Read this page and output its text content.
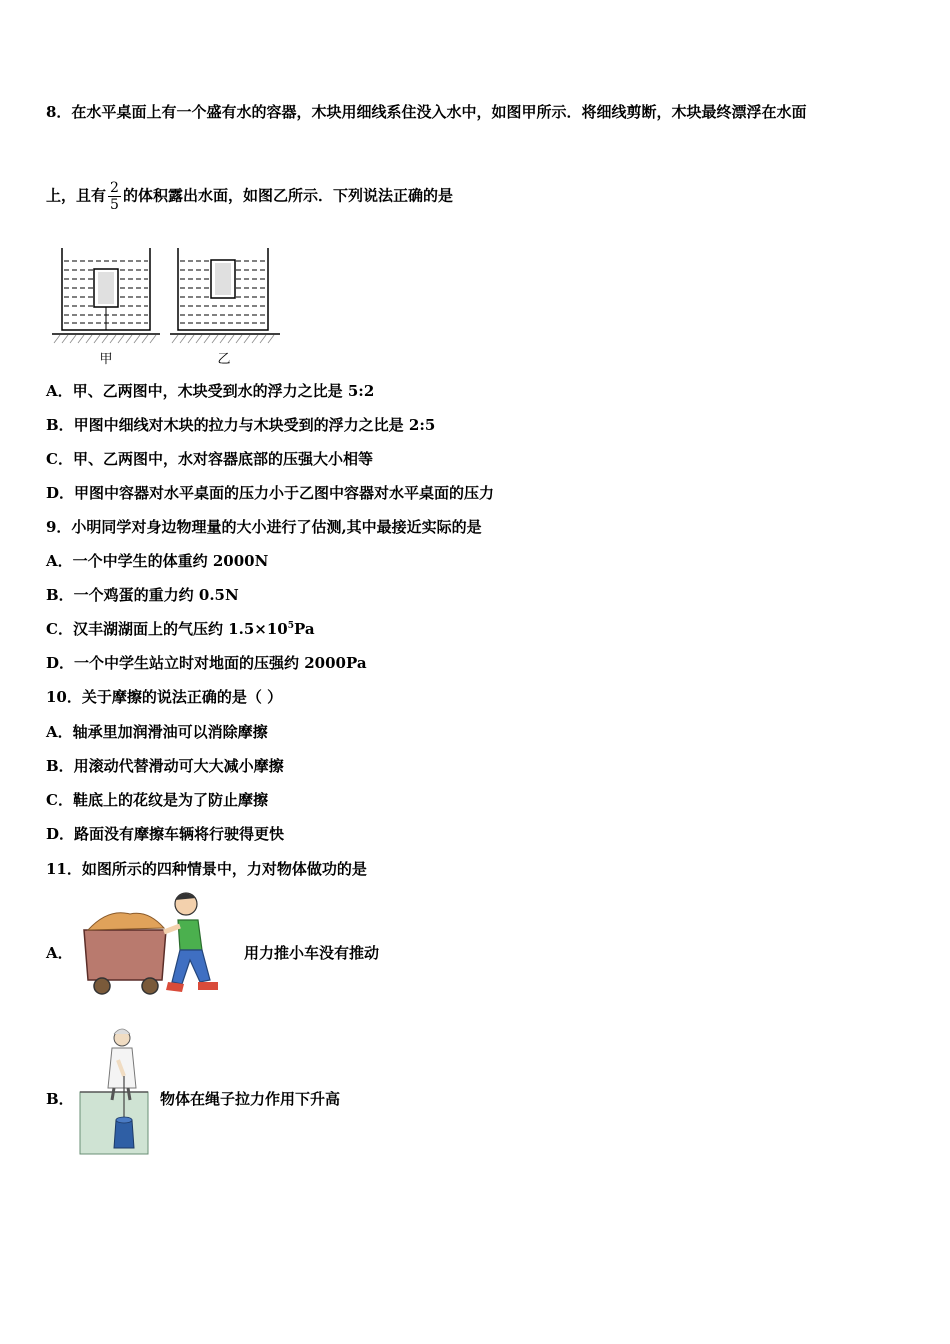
8．在水平桌面上有一个盛有水的容器，木块用细线系住没入水中，如图甲所示．将细线剪断，木块最终漂浮在水面
上，且有 $\frac{2}{5}$ 的体积露出水面，如图乙所示．下列说法正确的是
甲	乙
A．甲、乙两图中，木块受到水的浮力之比是 5:2
B．甲图中细线对木块的拉力与木块受到的浮力之比是 2:5
C．甲、乙两图中，水对容器底部的压强大小相等
D．甲图中容器对水平桌面的压力小于乙图中容器对水平桌面的压力
9．小明同学对身边物理量的大小进行了估测,其中最接近实际的是
A．一个中学生的体重约 2000N
B．一个鸡蛋的重力约 0.5N
C．汉丰湖湖面上的气压约 $1.5\times 10^5Pa$
D．一个中学生站立时对地面的压强约 2000Pa
10．关于摩擦的说法正确的是（ ）
A．轴承里加润滑油可以消除摩擦
B．用滚动代替滑动可大大减小摩擦
C．鞋底上的花纹是为了防止摩擦
D．路面没有摩擦车辆将行驶得更快
11．如图所示的四种情景中，力对物体做功的是
A．	用力推小车没有推动
B．	物体在绳子拉力作用下升高
